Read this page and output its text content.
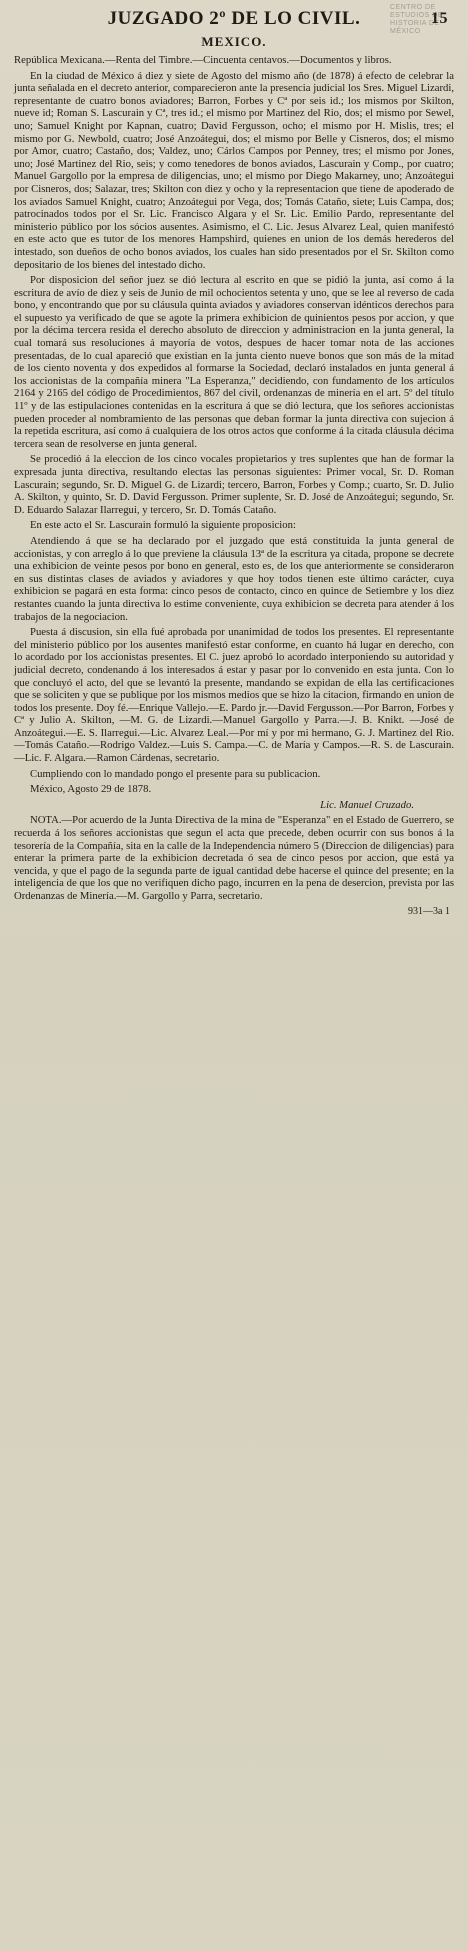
CENTRO DE ESTUDIOS DE HISTORIA DE MÉXICO
JUZGADO 2º DE LO CIVIL.	15
MEXICO.

República Mexicana.—Renta del Timbre.—Cincuenta centavos.—Documentos y libros.

En la ciudad de México á diez y siete de Agosto del mismo año (de 1878) á efecto de celebrar la junta señalada en el decreto anterior, comparecieron ante la presencia judicial los Sres. Miguel Lizardi, representante de cuatro bonos aviadores; Barron, Forbes y Cª por seis id.; los mismos por Skilton, nueve id; Roman S. Lascurain y Cª, tres id.; el mismo por Martinez del Rio, dos; el mismo por Sewel, uno; Samuel Knight por Kapnan, cuatro; David Fergusson, ocho; el mismo por H. Mislis, tres; el mismo por G. Newbold, cuatro; José Anzoátegui, dos; el mismo por Belle y Cisneros, dos; el mismo por Amor, cuatro; Castaño, dos; Valdez, uno; Cárlos Campos por Penney, tres; el mismo por Jones, uno; José Martinez del Rio, seis; y como tenedores de bonos aviados, Lascurain y Comp., por cuatro; Manuel Gargollo por la empresa de diligencias, uno; el mismo por Diego Makarney, uno; Anzoátegui por Cisneros, dos; Salazar, tres; Skilton con diez y ocho y la representacion que tiene de apoderado de los aviados Samuel Knight, cuatro; Anzoátegui por Vega, dos; Tomás Cataño, siete; Luis Campa, dos; patrocinados todos por el Sr. Lic. Francisco Algara y el Sr. Lic. Emilio Pardo, representante del ministerio público por los sócios ausentes. Asimismo, el C. Lic. Jesus Alvarez Leal, quien manifestó en este acto que es tutor de los menores Hampshird, quienes en union de los demás herederos del intestado, son dueños de ocho bonos aviados, los cuales han sido presentados por el Sr. Skilton como depositario de los bienes del intestado dicho.

Por disposicion del señor juez se dió lectura al escrito en que se pidió la junta, así como á la escritura de avío de diez y seis de Junio de mil ochocientos setenta y uno, que se lee al reverso de cada bono, y encontrando que por su cláusula quinta aviados y aviadores conservan idénticos derechos para el supuesto ya verificado de que se agote la primera exhibicion de quinientos pesos por accion, y que por la décima tercera resida el derecho absoluto de direccion y administracion en la junta general, la cual tomará sus resoluciones á mayoría de votos, despues de hacer tomar nota de las acciones presentadas, de lo cual apareció que existian en la junta ciento nueve bonos que son más de la mitad de los ciento noventa y dos expedidos al formarse la Sociedad, declaró instalados en junta general á los accionistas de la compañía minera "La Esperanza," decidiendo, con fundamento de los artículos 2164 y 2165 del código de Procedimientos, 867 del civil, ordenanzas de minería en el art. 5º del título 11º y de las estipulaciones contenidas en la escritura á que se dió lectura, que los señores accionistas pueden proceder al nombramiento de las personas que deban formar la junta directiva con sujecion á la repetida escritura, así como á cualquiera de los otros actos que conforme á la citada cláusula décima tercera sean de resolverse en junta general.

Se procedió á la eleccion de los cinco vocales propietarios y tres suplentes que han de formar la expresada junta directiva, resultando electas las personas siguientes: Primer vocal, Sr. D. Roman Lascurain; segundo, Sr. D. Miguel G. de Lizardi; tercero, Barron, Forbes y Comp.; cuarto, Sr. D. Julio A. Skilton, y quinto, Sr. D. David Fergusson. Primer suplente, Sr. D. José de Anzoátegui; segundo, Sr. D. Eduardo Salazar Ilarregui, y tercero, Sr. D. Tomás Cataño.

En este acto el Sr. Lascurain formuló la siguiente proposicion:

Atendiendo á que se ha declarado por el juzgado que está constituida la junta general de accionistas, y con arreglo á lo que previene la cláusula 13ª de la escritura ya citada, propone se decrete una exhibicion de veinte pesos por bono en general, esto es, de los que anteriormente se consideraron en sus distintas clases de aviados y aviadores y que hoy todos tienen este último carácter, cuya exhibicion se pagará en esta forma: cinco pesos de contacto, cinco en quince de Setiembre y los diez restantes cuando la junta directiva lo estime conveniente, cuya exhibicion se decreta para atender á los trabajos de la negociacion.

Puesta á discusion, sin ella fué aprobada por unanimidad de todos los presentes. El representante del ministerio público por los ausentes manifestó estar conforme, en cuanto há lugar en derecho, con lo acordado por los accionistas presentes. El C. juez aprobó lo acordado interponiendo su autoridad y judicial decreto, condenando á los interesados á estar y pasar por lo convenido en esta junta. Con lo que concluyó el acto, del que se levantó la presente, mandando se expidan de ella las certificaciones que se soliciten y que se publique por los mismos medios que se hizo la citacion, firmando en union de todos los presente. Doy fé.—Enrique Vallejo.—E. Pardo jr.—David Fergusson.—Por Barron, Forbes y Cª y Julio A. Skilton, —M. G. de Lizardi.—Manuel Gargollo y Parra.—J. B. Knikt. —José de Anzoátegui.—E. S. Ilarregui.—Lic. Alvarez Leal.—Por mí y por mi hermano, G. J. Martinez del Rio.—Tomás Cataño.—Rodrigo Valdez.—Luis S. Campa.—C. de María y Campos.—R. S. de Lascurain.—Lic. F. Algara.—Ramon Cárdenas, secretario.

Cumpliendo con lo mandado pongo el presente para su publicacion.

México, Agosto 29 de 1878.

Lic. Manuel Cruzado.

NOTA.—Por acuerdo de la Junta Directiva de la mina de "Esperanza" en el Estado de Guerrero, se recuerda á los señores accionistas que segun el acta que precede, deben ocurrir con sus bonos á la tesorería de la Compañía, sita en la calle de la Independencia número 5 (Direccion de diligencias) para enterar la primera parte de la exhibicion decretada ó sea de cinco pesos por accion, que está ya vencida, y que el pago de la segunda parte de igual cantidad debe hacerse el quince del presente; en la inteligencia de que los que no verifiquen dicho pago, incurren en la pena de desercion, prevista por las Ordenanzas de Minería.—M. Gargollo y Parra, secretario.

931—3a 1
